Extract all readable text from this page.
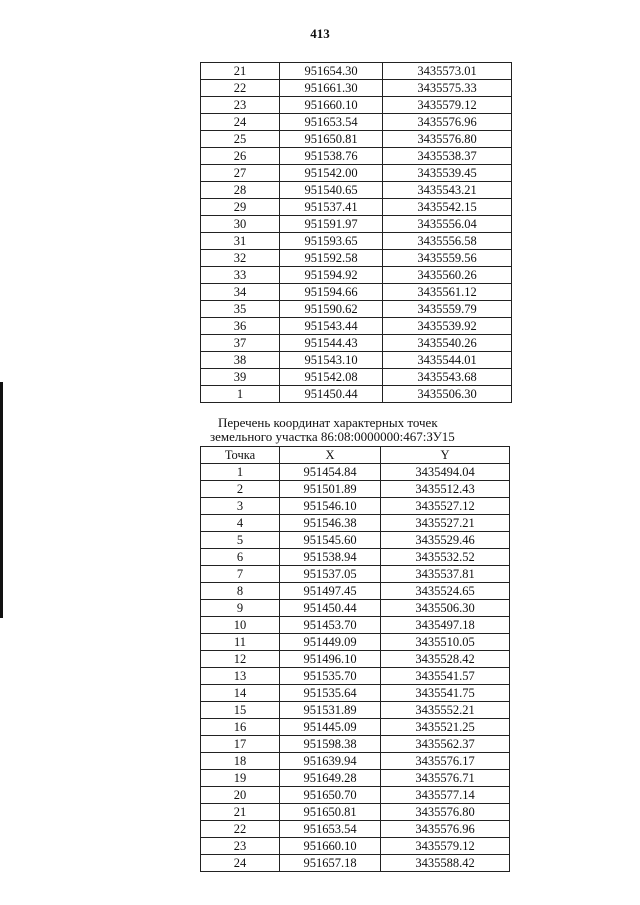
413
21	951654.30	3435573.01
22	951661.30	3435575.33
23	951660.10	3435579.12
24	951653.54	3435576.96
25	951650.81	3435576.80
26	951538.76	3435538.37
27	951542.00	3435539.45
28	951540.65	3435543.21
29	951537.41	3435542.15
30	951591.97	3435556.04
31	951593.65	3435556.58
32	951592.58	3435559.56
33	951594.92	3435560.26
34	951594.66	3435561.12
35	951590.62	3435559.79
36	951543.44	3435539.92
37	951544.43	3435540.26
38	951543.10	3435544.01
39	951542.08	3435543.68
1	951450.44	3435506.30
Перечень координат характерных точек
земельного участка 86:08:0000000:467:ЗУ15
Точка	X	Y
1	951454.84	3435494.04
2	951501.89	3435512.43
3	951546.10	3435527.12
4	951546.38	3435527.21
5	951545.60	3435529.46
6	951538.94	3435532.52
7	951537.05	3435537.81
8	951497.45	3435524.65
9	951450.44	3435506.30
10	951453.70	3435497.18
11	951449.09	3435510.05
12	951496.10	3435528.42
13	951535.70	3435541.57
14	951535.64	3435541.75
15	951531.89	3435552.21
16	951445.09	3435521.25
17	951598.38	3435562.37
18	951639.94	3435576.17
19	951649.28	3435576.71
20	951650.70	3435577.14
21	951650.81	3435576.80
22	951653.54	3435576.96
23	951660.10	3435579.12
24	951657.18	3435588.42
